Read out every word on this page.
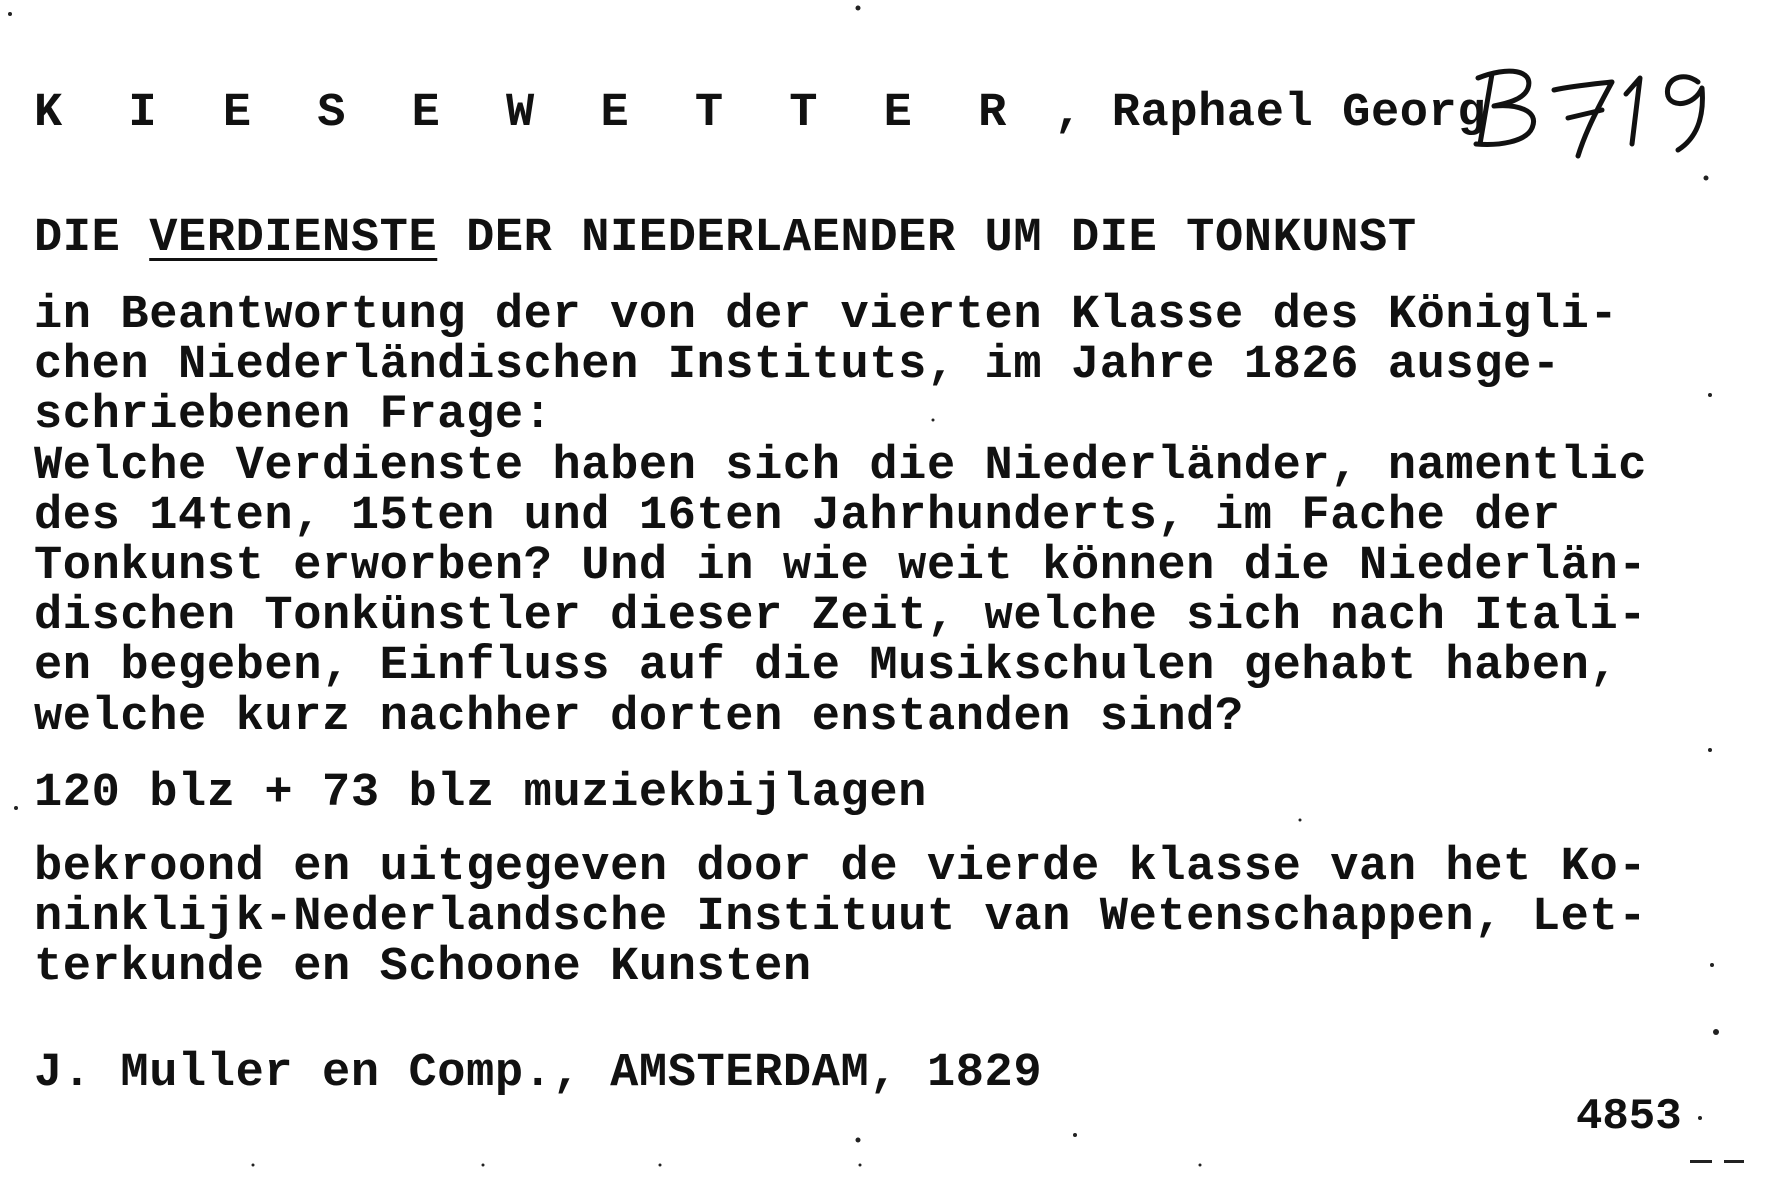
K I E S E W E T T E R , Raphael Georg

DIE VERDIENSTE DER NIEDERLAENDER UM DIE TONKUNST

in Beantwortung der von der vierten Klasse des Königli-
chen Niederländischen Instituts, im Jahre 1826 ausge-
schriebenen Frage:
Welche Verdienste haben sich die Niederländer, namentlic
des 14ten, 15ten und 16ten Jahrhunderts, im Fache der
Tonkunst erworben? Und in wie weit können die Niederlän-
dischen Tonkünstler dieser Zeit, welche sich nach Itali-
en begeben, Einfluss auf die Musikschulen gehabt haben,
welche kurz nachher dorten enstanden sind?

120 blz + 73 blz muziekbijlagen

bekroond en uitgegeven door de vierde klasse van het Ko-
ninklijk-Nederlandsche Instituut van Wetenschappen, Let-
terkunde en Schoone Kunsten

J. Muller en Comp., AMSTERDAM, 1829

4853
